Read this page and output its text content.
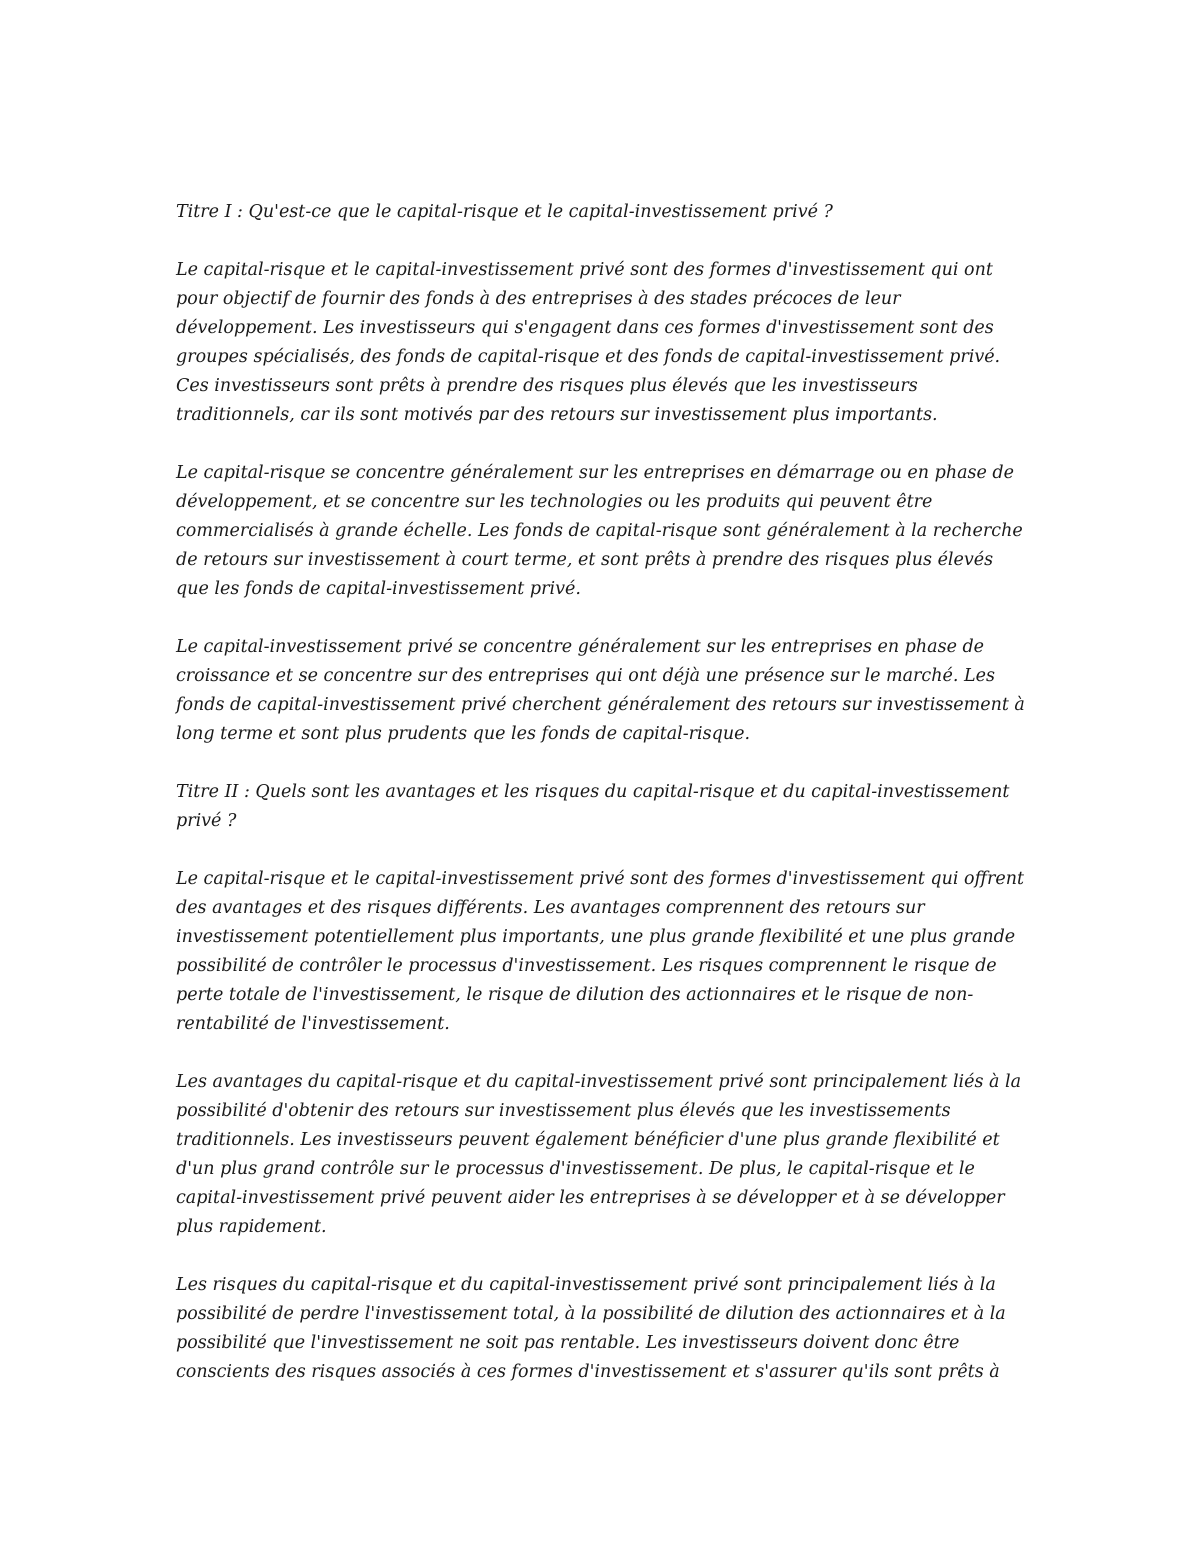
Titre I : Qu'est-ce que le capital-risque et le capital-investissement privé ?

Le capital-risque et le capital-investissement privé sont des formes d'investissement qui ont pour objectif de fournir des fonds à des entreprises à des stades précoces de leur développement. Les investisseurs qui s'engagent dans ces formes d'investissement sont des groupes spécialisés, des fonds de capital-risque et des fonds de capital-investissement privé. Ces investisseurs sont prêts à prendre des risques plus élevés que les investisseurs traditionnels, car ils sont motivés par des retours sur investissement plus importants.

Le capital-risque se concentre généralement sur les entreprises en démarrage ou en phase de développement, et se concentre sur les technologies ou les produits qui peuvent être commercialisés à grande échelle. Les fonds de capital-risque sont généralement à la recherche de retours sur investissement à court terme, et sont prêts à prendre des risques plus élevés que les fonds de capital-investissement privé.

Le capital-investissement privé se concentre généralement sur les entreprises en phase de croissance et se concentre sur des entreprises qui ont déjà une présence sur le marché. Les fonds de capital-investissement privé cherchent généralement des retours sur investissement à long terme et sont plus prudents que les fonds de capital-risque.

Titre II : Quels sont les avantages et les risques du capital-risque et du capital-investissement privé ?

Le capital-risque et le capital-investissement privé sont des formes d'investissement qui offrent des avantages et des risques différents. Les avantages comprennent des retours sur investissement potentiellement plus importants, une plus grande flexibilité et une plus grande possibilité de contrôler le processus d'investissement. Les risques comprennent le risque de perte totale de l'investissement, le risque de dilution des actionnaires et le risque de non-rentabilité de l'investissement.

Les avantages du capital-risque et du capital-investissement privé sont principalement liés à la possibilité d'obtenir des retours sur investissement plus élevés que les investissements traditionnels. Les investisseurs peuvent également bénéficier d'une plus grande flexibilité et d'un plus grand contrôle sur le processus d'investissement. De plus, le capital-risque et le capital-investissement privé peuvent aider les entreprises à se développer et à se développer plus rapidement.

Les risques du capital-risque et du capital-investissement privé sont principalement liés à la possibilité de perdre l'investissement total, à la possibilité de dilution des actionnaires et à la possibilité que l'investissement ne soit pas rentable. Les investisseurs doivent donc être conscients des risques associés à ces formes d'investissement et s'assurer qu'ils sont prêts à
